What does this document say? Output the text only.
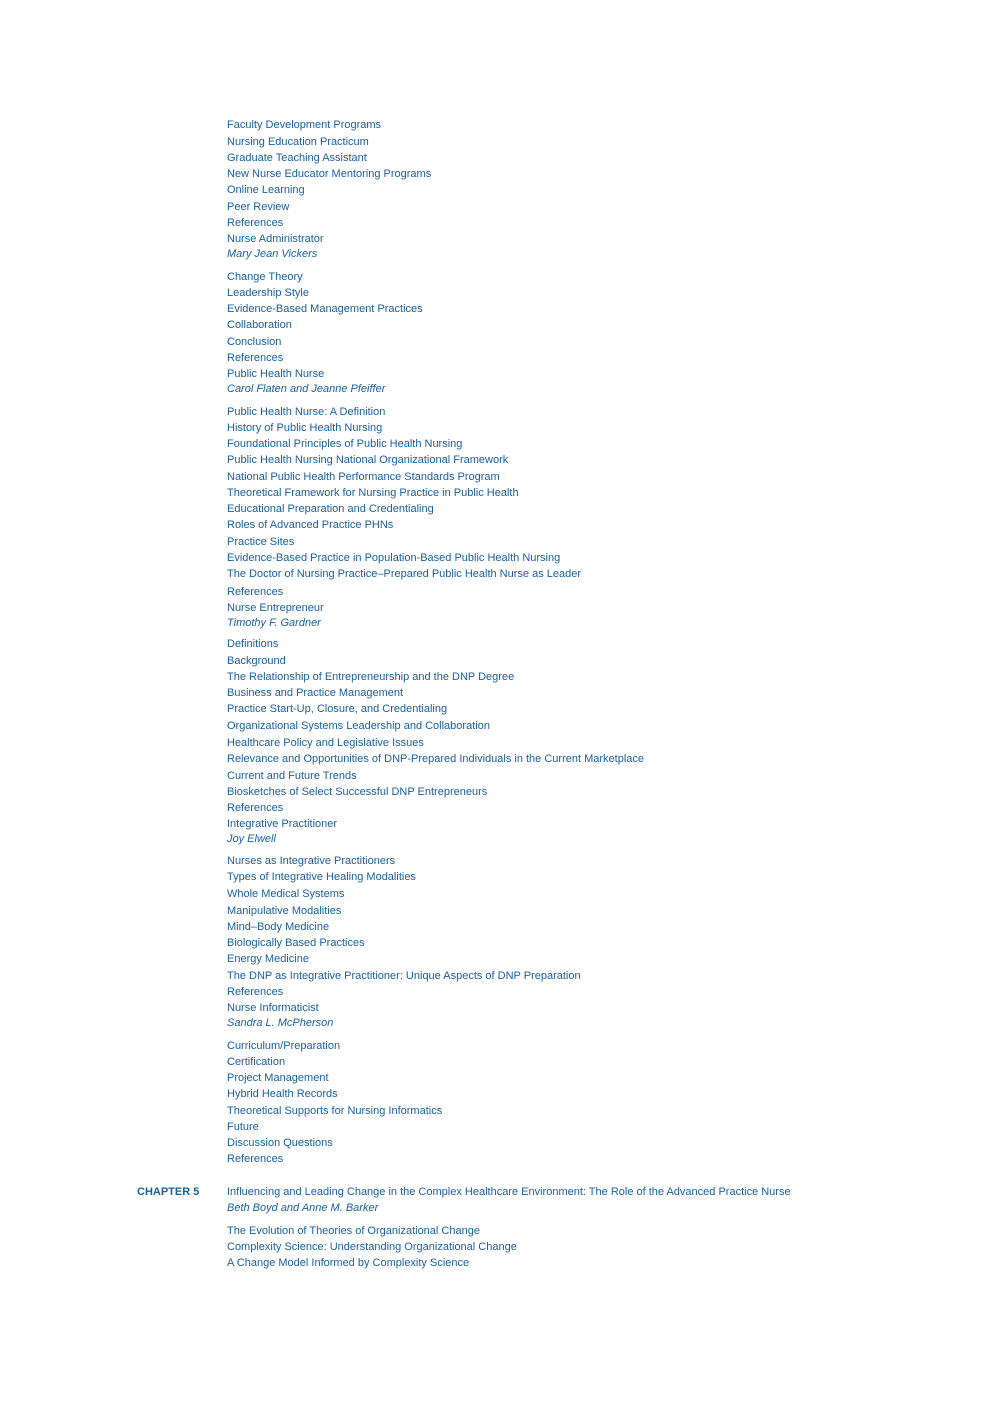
Faculty Development Programs
Nursing Education Practicum
Graduate Teaching Assistant
New Nurse Educator Mentoring Programs
Online Learning
Peer Review
References
Nurse Administrator
Mary Jean Vickers
Change Theory
Leadership Style
Evidence-Based Management Practices
Collaboration
Conclusion
References
Public Health Nurse
Carol Flaten and Jeanne Pfeiffer
Public Health Nurse: A Definition
History of Public Health Nursing
Foundational Principles of Public Health Nursing
Public Health Nursing National Organizational Framework
National Public Health Performance Standards Program
Theoretical Framework for Nursing Practice in Public Health
Educational Preparation and Credentialing
Roles of Advanced Practice PHNs
Practice Sites
Evidence-Based Practice in Population-Based Public Health Nursing
The Doctor of Nursing Practice–Prepared Public Health Nurse as Leader
References
Nurse Entrepreneur
Timothy F. Gardner
Definitions
Background
The Relationship of Entrepreneurship and the DNP Degree
Business and Practice Management
Practice Start-Up, Closure, and Credentialing
Organizational Systems Leadership and Collaboration
Healthcare Policy and Legislative Issues
Relevance and Opportunities of DNP-Prepared Individuals in the Current Marketplace
Current and Future Trends
Biosketches of Select Successful DNP Entrepreneurs
References
Integrative Practitioner
Joy Elwell
Nurses as Integrative Practitioners
Types of Integrative Healing Modalities
Whole Medical Systems
Manipulative Modalities
Mind–Body Medicine
Biologically Based Practices
Energy Medicine
The DNP as Integrative Practitioner: Unique Aspects of DNP Preparation
References
Nurse Informaticist
Sandra L. McPherson
Curriculum/Preparation
Certification
Project Management
Hybrid Health Records
Theoretical Supports for Nursing Informatics
Future
Discussion Questions
References
CHAPTER 5	Influencing and Leading Change in the Complex Healthcare Environment: The Role of the Advanced Practice Nurse
Beth Boyd and Anne M. Barker
The Evolution of Theories of Organizational Change
Complexity Science: Understanding Organizational Change
A Change Model Informed by Complexity Science
